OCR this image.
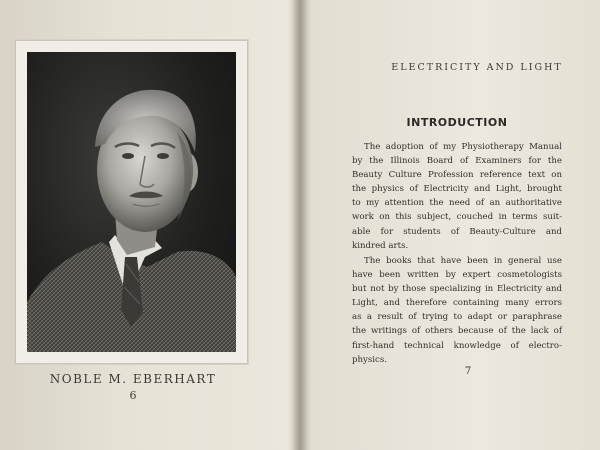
NOBLE M. EBERHART
6
ELECTRICITY AND LIGHT
INTRODUCTION
The adoption of my Physiotherapy Manual
by the Illinois Board of Examiners for the
Beauty Culture Profession reference text on
the physics of Electricity and Light, brought
to my attention the need of an authoritative
work on this subject, couched in terms suit-
able for students of Beauty-Culture and
kindred arts.
The books that have been in general use
have been written by expert cosmetologists
but not by those specializing in Electricity and
Light, and therefore containing many errors
as a result of trying to adapt or paraphrase
the writings of others because of the lack of
first-hand technical knowledge of electro-
physics.
7
